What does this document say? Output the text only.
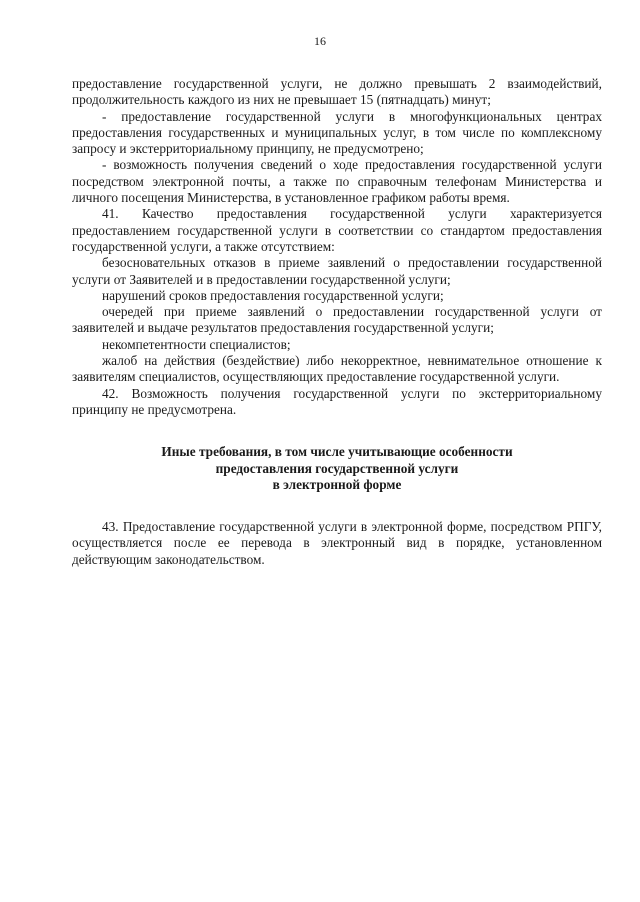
16

предоставление государственной услуги, не должно превышать 2 взаимодействий, продолжительность каждого из них не превышает 15 (пятнадцать) минут;

- предоставление государственной услуги в многофункциональных центрах предоставления государственных и муниципальных услуг, в том числе по комплексному запросу и экстерриториальному принципу, не предусмотрено;

- возможность получения сведений о ходе предоставления государственной услуги посредством электронной почты, а также по справочным телефонам Министерства и личного посещения Министерства, в установленное графиком работы время.

41. Качество предоставления государственной услуги характеризуется предоставлением государственной услуги в соответствии со стандартом предоставления государственной услуги, а также отсутствием:

безосновательных отказов в приеме заявлений о предоставлении государственной услуги от Заявителей и в предоставлении государственной услуги;

нарушений сроков предоставления государственной услуги;

очередей при приеме заявлений о предоставлении государственной услуги от заявителей и выдаче результатов предоставления государственной услуги;

некомпетентности специалистов;

жалоб на действия (бездействие) либо некорректное, невнимательное отношение к заявителям специалистов, осуществляющих предоставление государственной услуги.

42. Возможность получения государственной услуги по экстерриториальному принципу не предусмотрена.

Иные требования, в том числе учитывающие особенности
предоставления государственной услуги
в электронной форме

43. Предоставление государственной услуги в электронной форме, посредством РПГУ, осуществляется после ее перевода в электронный вид в порядке, установленном действующим законодательством.
